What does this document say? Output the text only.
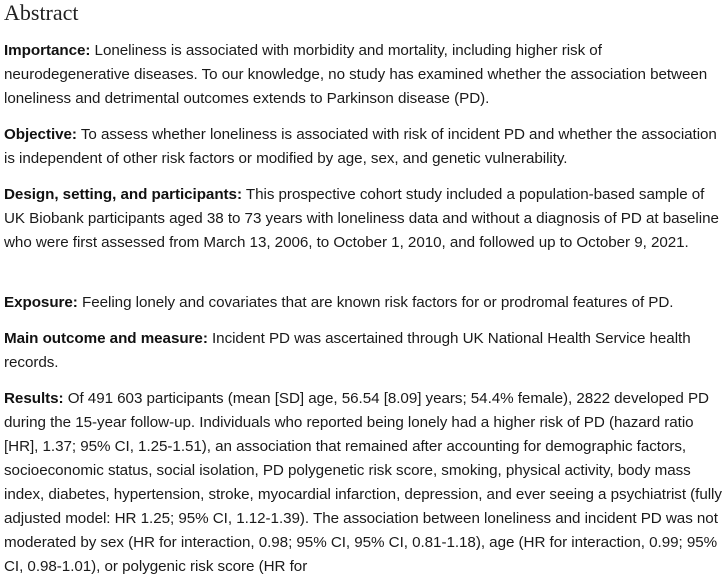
Abstract

Importance: Loneliness is associated with morbidity and mortality, including higher risk of neurodegenerative diseases. To our knowledge, no study has examined whether the association between loneliness and detrimental outcomes extends to Parkinson disease (PD).

Objective: To assess whether loneliness is associated with risk of incident PD and whether the association is independent of other risk factors or modified by age, sex, and genetic vulnerability.

Design, setting, and participants: This prospective cohort study included a population-based sample of UK Biobank participants aged 38 to 73 years with loneliness data and without a diagnosis of PD at baseline who were first assessed from March 13, 2006, to October 1, 2010, and followed up to October 9, 2021.

Exposure: Feeling lonely and covariates that are known risk factors for or prodromal features of PD.

Main outcome and measure: Incident PD was ascertained through UK National Health Service health records.

Results: Of 491 603 participants (mean [SD] age, 56.54 [8.09] years; 54.4% female), 2822 developed PD during the 15-year follow-up. Individuals who reported being lonely had a higher risk of PD (hazard ratio [HR], 1.37; 95% CI, 1.25-1.51), an association that remained after accounting for demographic factors, socioeconomic status, social isolation, PD polygenetic risk score, smoking, physical activity, body mass index, diabetes, hypertension, stroke, myocardial infarction, depression, and ever seeing a psychiatrist (fully adjusted model: HR 1.25; 95% CI, 1.12-1.39). The association between loneliness and incident PD was not moderated by sex (HR for interaction, 0.98; 95% CI, 95% CI, 0.81-1.18), age (HR for interaction, 0.99; 95% CI, 0.98-1.01), or polygenic risk score (HR for
